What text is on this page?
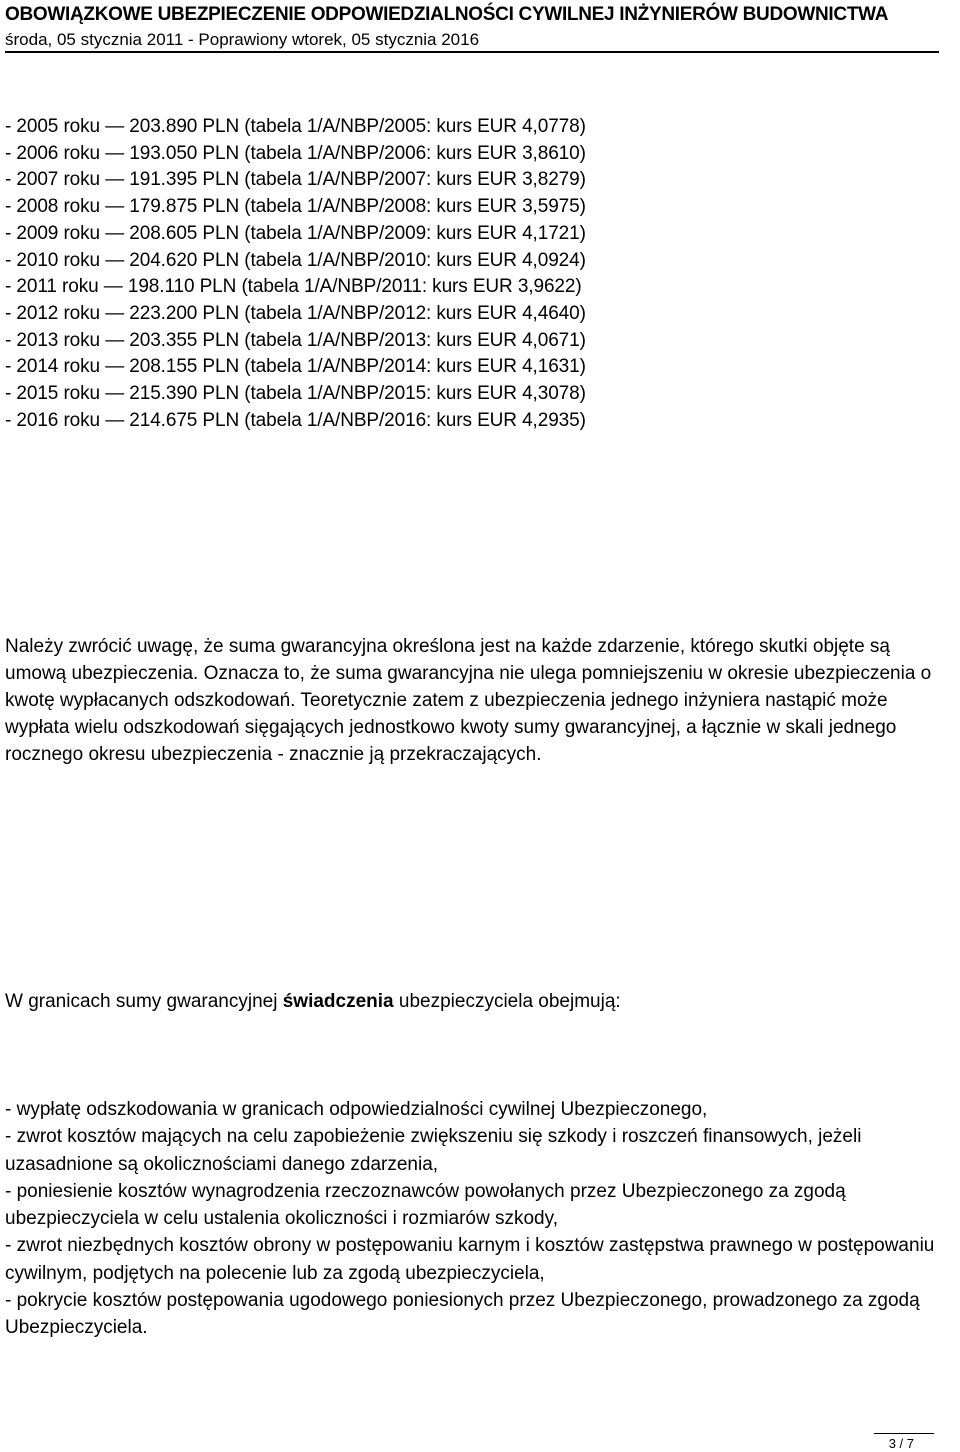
OBOWIĄZKOWE UBEZPIECZENIE ODPOWIEDZIALNOŚCI CYWILNEJ INŻYNIERÓW BUDOWNICTWA
środa, 05 stycznia 2011 - Poprawiony wtorek, 05 stycznia 2016
- 2005 roku — 203.890 PLN (tabela 1/A/NBP/2005: kurs EUR 4,0778)
- 2006 roku — 193.050 PLN (tabela 1/A/NBP/2006: kurs EUR 3,8610)
- 2007 roku — 191.395 PLN (tabela 1/A/NBP/2007: kurs EUR 3,8279)
- 2008 roku — 179.875 PLN (tabela 1/A/NBP/2008: kurs EUR 3,5975)
- 2009 roku — 208.605 PLN (tabela 1/A/NBP/2009: kurs EUR 4,1721)
- 2010 roku — 204.620 PLN (tabela 1/A/NBP/2010: kurs EUR 4,0924)
- 2011 roku — 198.110 PLN (tabela 1/A/NBP/2011: kurs EUR 3,9622)
- 2012 roku — 223.200 PLN (tabela 1/A/NBP/2012: kurs EUR 4,4640)
- 2013 roku — 203.355 PLN (tabela 1/A/NBP/2013: kurs EUR 4,0671)
- 2014 roku — 208.155 PLN (tabela 1/A/NBP/2014: kurs EUR 4,1631)
- 2015 roku — 215.390 PLN (tabela 1/A/NBP/2015: kurs EUR 4,3078)
- 2016 roku — 214.675 PLN (tabela 1/A/NBP/2016: kurs EUR 4,2935)

Należy zwrócić uwagę, że suma gwarancyjna określona jest na każde zdarzenie, którego skutki objęte są umową ubezpieczenia. Oznacza to, że suma gwarancyjna nie ulega pomniejszeniu w okresie ubezpieczenia o kwotę wypłacanych odszkodowań. Teoretycznie zatem z ubezpieczenia jednego inżyniera nastąpić może wypłata wielu odszkodowań sięgających jednostkowo kwoty sumy gwarancyjnej, a łącznie w skali jednego rocznego okresu ubezpieczenia - znacznie ją przekraczających.

W granicach sumy gwarancyjnej świadczenia ubezpieczyciela obejmują:

- wypłatę odszkodowania w granicach odpowiedzialności cywilnej Ubezpieczonego,
- zwrot kosztów mających na celu zapobieżenie zwiększeniu się szkody i roszczeń finansowych, jeżeli uzasadnione są okolicznościami danego zdarzenia,
- poniesienie kosztów wynagrodzenia rzeczoznawców powołanych przez Ubezpieczonego za zgodą ubezpieczyciela w celu ustalenia okoliczności i rozmiarów szkody,
- zwrot niezbędnych kosztów obrony w postępowaniu karnym i kosztów zastępstwa prawnego w postępowaniu cywilnym, podjętych na polecenie lub za zgodą ubezpieczyciela,
- pokrycie kosztów postępowania ugodowego poniesionych przez Ubezpieczonego, prowadzonego za zgodą Ubezpieczyciela.
3 / 7
